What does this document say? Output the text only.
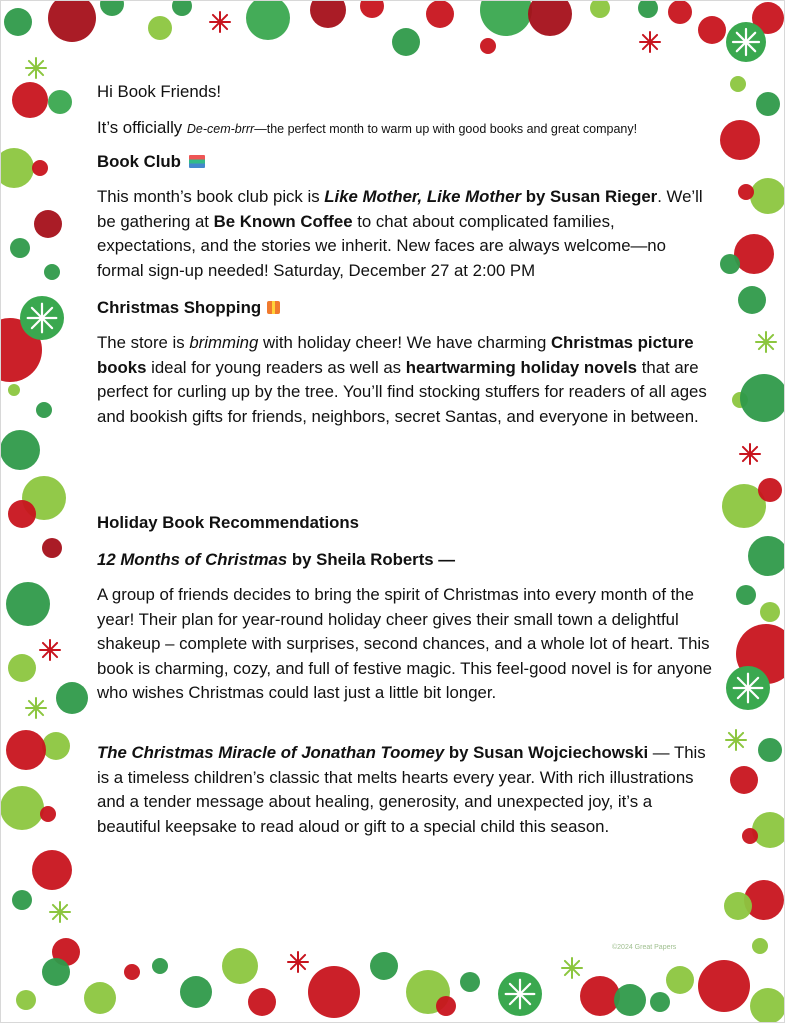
Hi Book Friends!
It’s officially De-cem-brrr—the perfect month to warm up with good books and great company!
Book Club

This month’s book club pick is Like Mother, Like Mother by Susan Rieger. We’ll be gathering at Be Known Coffee to chat about complicated families, expectations, and the stories we inherit. New faces are always welcome—no formal sign-up needed! Saturday, December 27 at 2:00 PM

Christmas Shopping

The store is brimming with holiday cheer! We have charming Christmas picture books ideal for young readers as well as heartwarming holiday novels that are perfect for curling up by the tree. You’ll find stocking stuffers for readers of all ages and bookish gifts for friends, neighbors, secret Santas, and everyone in between.

Holiday Book Recommendations
12 Months of Christmas by Sheila Roberts —

A group of friends decides to bring the spirit of Christmas into every month of the year! Their plan for year-round holiday cheer gives their small town a delightful shakeup – complete with surprises, second chances, and a whole lot of heart. This book is charming, cozy, and full of festive magic. This feel-good novel is for anyone who wishes Christmas could last just a little bit longer.

The Christmas Miracle of Jonathan Toomey by Susan Wojciechowski — This is a timeless children’s classic that melts hearts every year. With rich illustrations and a tender message about healing, generosity, and unexpected joy, it’s a beautiful keepsake to read aloud or gift to a special child this season.

©2024 Great Papers
